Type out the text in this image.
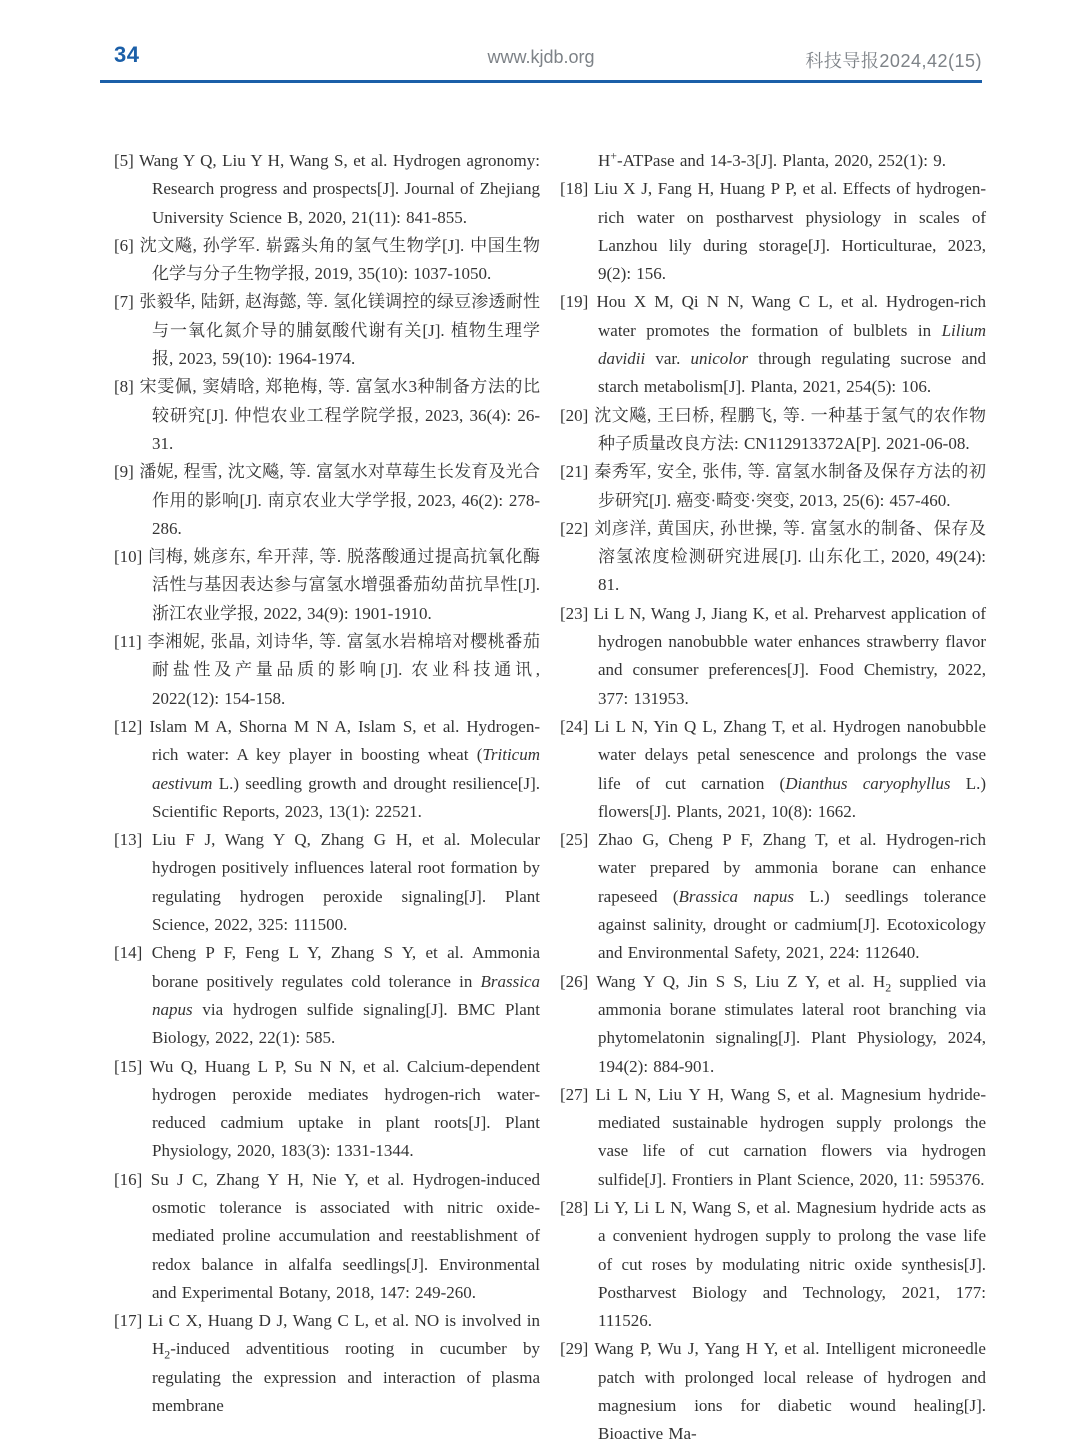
34	www.kjdb.org	科技导报2024,42(15)

[5] Wang Y Q, Liu Y H, Wang S, et al. Hydrogen agronomy: Research progress and prospects[J]. Journal of Zhejiang University Science B, 2020, 21(11): 841-855.

[6] 沈文飚, 孙学军. 崭露头角的氢气生物学[J]. 中国生物化学与分子生物学报, 2019, 35(10): 1037-1050.

[7] 张毅华, 陆鈃, 赵海懿, 等. 氢化镁调控的绿豆渗透耐性与一氧化氮介导的脯氨酸代谢有关[J]. 植物生理学报, 2023, 59(10): 1964-1974.

[8] 宋雯佩, 窦婧晗, 郑艳梅, 等. 富氢水3种制备方法的比较研究[J]. 仲恺农业工程学院学报, 2023, 36(4): 26-31.

[9] 潘妮, 程雪, 沈文飚, 等. 富氢水对草莓生长发育及光合作用的影响[J]. 南京农业大学学报, 2023, 46(2): 278-286.

[10] 闫梅, 姚彦东, 牟开萍, 等. 脱落酸通过提高抗氧化酶活性与基因表达参与富氢水增强番茄幼苗抗旱性[J]. 浙江农业学报, 2022, 34(9): 1901-1910.

[11] 李湘妮, 张晶, 刘诗华, 等. 富氢水岩棉培对樱桃番茄耐盐性及产量品质的影响[J]. 农业科技通讯, 2022(12): 154-158.

[12] Islam M A, Shorna M N A, Islam S, et al. Hydrogen-rich water: A key player in boosting wheat (Triticum aestivum L.) seedling growth and drought resilience[J]. Scientific Reports, 2023, 13(1): 22521.

[13] Liu F J, Wang Y Q, Zhang G H, et al. Molecular hydrogen positively influences lateral root formation by regulating hydrogen peroxide signaling[J]. Plant Science, 2022, 325: 111500.

[14] Cheng P F, Feng L Y, Zhang S Y, et al. Ammonia borane positively regulates cold tolerance in Brassica napus via hydrogen sulfide signaling[J]. BMC Plant Biology, 2022, 22(1): 585.

[15] Wu Q, Huang L P, Su N N, et al. Calcium-dependent hydrogen peroxide mediates hydrogen-rich water-reduced cadmium uptake in plant roots[J]. Plant Physiology, 2020, 183(3): 1331-1344.

[16] Su J C, Zhang Y H, Nie Y, et al. Hydrogen-induced osmotic tolerance is associated with nitric oxide-mediated proline accumulation and reestablishment of redox balance in alfalfa seedlings[J]. Environmental and Experimental Botany, 2018, 147: 249-260.

[17] Li C X, Huang D J, Wang C L, et al. NO is involved in $H_2$-induced adventitious rooting in cucumber by regulating the expression and interaction of plasma membrane

H+-ATPase and 14-3-3[J]. Planta, 2020, 252(1): 9.

[18] Liu X J, Fang H, Huang P P, et al. Effects of hydrogen-rich water on postharvest physiology in scales of Lanzhou lily during storage[J]. Horticulturae, 2023, 9(2): 156.

[19] Hou X M, Qi N N, Wang C L, et al. Hydrogen-rich water promotes the formation of bulblets in Lilium davidii var. unicolor through regulating sucrose and starch metabolism[J]. Planta, 2021, 254(5): 106.

[20] 沈文飚, 王曰桥, 程鹏飞, 等. 一种基于氢气的农作物种子质量改良方法: CN112913372A[P]. 2021-06-08.

[21] 秦秀军, 安全, 张伟, 等. 富氢水制备及保存方法的初步研究[J]. 癌变·畸变·突变, 2013, 25(6): 457-460.

[22] 刘彦洋, 黄国庆, 孙世操, 等. 富氢水的制备、保存及溶氢浓度检测研究进展[J]. 山东化工, 2020, 49(24): 81.

[23] Li L N, Wang J, Jiang K, et al. Preharvest application of hydrogen nanobubble water enhances strawberry flavor and consumer preferences[J]. Food Chemistry, 2022, 377: 131953.

[24] Li L N, Yin Q L, Zhang T, et al. Hydrogen nanobubble water delays petal senescence and prolongs the vase life of cut carnation (Dianthus caryophyllus L.) flowers[J]. Plants, 2021, 10(8): 1662.

[25] Zhao G, Cheng P F, Zhang T, et al. Hydrogen-rich water prepared by ammonia borane can enhance rapeseed (Brassica napus L.) seedlings tolerance against salinity, drought or cadmium[J]. Ecotoxicology and Environmental Safety, 2021, 224: 112640.

[26] Wang Y Q, Jin S S, Liu Z Y, et al. $H_2$ supplied via ammonia borane stimulates lateral root branching via phytomelatonin signaling[J]. Plant Physiology, 2024, 194(2): 884-901.

[27] Li L N, Liu Y H, Wang S, et al. Magnesium hydride-mediated sustainable hydrogen supply prolongs the vase life of cut carnation flowers via hydrogen sulfide[J]. Frontiers in Plant Science, 2020, 11: 595376.

[28] Li Y, Li L N, Wang S, et al. Magnesium hydride acts as a convenient hydrogen supply to prolong the vase life of cut roses by modulating nitric oxide synthesis[J]. Postharvest Biology and Technology, 2021, 177: 111526.

[29] Wang P, Wu J, Yang H Y, et al. Intelligent microneedle patch with prolonged local release of hydrogen and magnesium ions for diabetic wound healing[J]. Bioactive Ma-
